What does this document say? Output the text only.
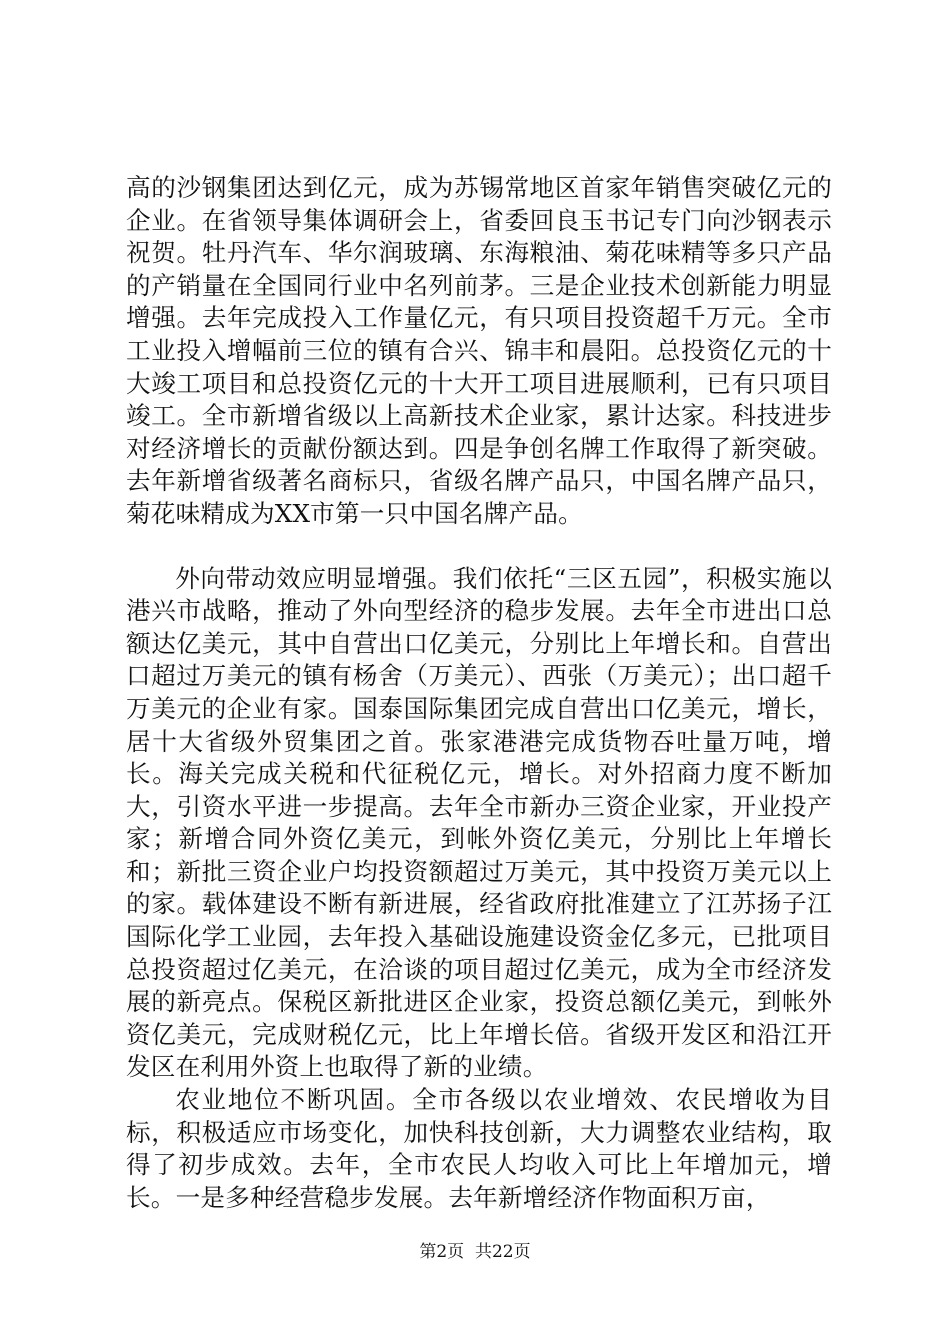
高的沙钢集团达到亿元，成为苏锡常地区首家年销售突破亿元的企业。在省领导集体调研会上，省委回良玉书记专门向沙钢表示祝贺。牡丹汽车、华尔润玻璃、东海粮油、菊花味精等多只产品的产销量在全国同行业中名列前茅。三是企业技术创新能力明显增强。去年完成投入工作量亿元，有只项目投资超千万元。全市工业投入增幅前三位的镇有合兴、锦丰和晨阳。总投资亿元的十大竣工项目和总投资亿元的十大开工项目进展顺利，已有只项目竣工。全市新增省级以上高新技术企业家，累计达家。科技进步对经济增长的贡献份额达到。四是争创名牌工作取得了新突破。去年新增省级著名商标只，省级名牌产品只，中国名牌产品只，菊花味精成为XX市第一只中国名牌产品。

外向带动效应明显增强。我们依托“三区五园”，积极实施以港兴市战略，推动了外向型经济的稳步发展。去年全市进出口总额达亿美元，其中自营出口亿美元，分别比上年增长和。自营出口超过万美元的镇有杨舍（万美元）、西张（万美元）；出口超千万美元的企业有家。国泰国际集团完成自营出口亿美元，增长，居十大省级外贸集团之首。张家港港完成货物吞吐量万吨，增长。海关完成关税和代征税亿元，增长。对外招商力度不断加大，引资水平进一步提高。去年全市新办三资企业家，开业投产家；新增合同外资亿美元，到帐外资亿美元，分别比上年增长和；新批三资企业户均投资额超过万美元，其中投资万美元以上的家。载体建设不断有新进展，经省政府批准建立了江苏扬子江国际化学工业园，去年投入基础设施建设资金亿多元，已批项目总投资超过亿美元，在洽谈的项目超过亿美元，成为全市经济发展的新亮点。保税区新批进区企业家，投资总额亿美元，到帐外资亿美元，完成财税亿元，比上年增长倍。省级开发区和沿江开发区在利用外资上也取得了新的业绩。

农业地位不断巩固。全市各级以农业增效、农民增收为目标，积极适应市场变化，加快科技创新，大力调整农业结构，取得了初步成效。去年，全市农民人均收入可比上年增加元，增长。一是多种经营稳步发展。去年新增经济作物面积万亩，

第2页  共22页
